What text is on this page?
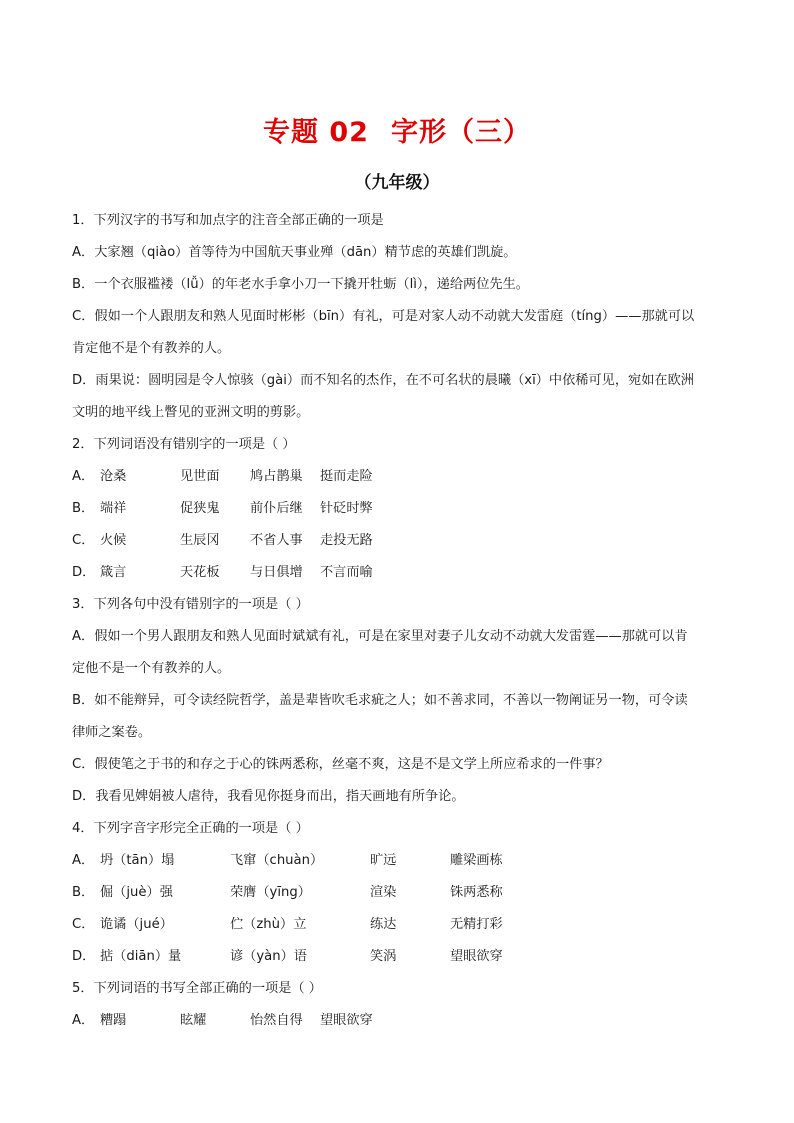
专题 02 字形（三）
（九年级）
1．下列汉字的书写和加点字的注音全部正确的一项是
A．大家翘（qiào）首等待为中国航天事业殚（dān）精节虑的英雄们凯旋。
B．一个衣服褴褛（lǚ）的年老水手拿小刀一下撬开牡蛎（lì），递给两位先生。
C．假如一个人跟朋友和熟人见面时彬彬（bīn）有礼，可是对家人动不动就大发雷庭（tíng）——那就可以
肯定他不是个有教养的人。
D．雨果说：圆明园是令人惊骇（gài）而不知名的杰作，在不可名状的晨曦（xī）中依稀可见，宛如在欧洲
文明的地平线上瞥见的亚洲文明的剪影。
2．下列词语没有错别字的一项是（ ）
A． 沧桑	见世面 鸠占鹊巢 挺而走险
B． 端祥	促狭鬼 前仆后继 针砭时弊
C． 火候	生辰冈 不省人事 走投无路
D． 箴言	天花板 与日俱增 不言而喻
3．下列各句中没有错别字的一项是（ ）
A．假如一个男人跟朋友和熟人见面时斌斌有礼，可是在家里对妻子儿女动不动就大发雷霆——那就可以肯
定他不是一个有教养的人。
B．如不能辩异，可令读经院哲学，盖是辈皆吹毛求疵之人；如不善求同，不善以一物阐证另一物，可令读
律师之案卷。
C．假使笔之于书的和存之于心的铢两悉称，丝毫不爽，这是不是文学上所应希求的一件事？
D．我看见婢娟被人虐待，我看见你挺身而出，指天画地有所争论。
4．下列字音字形完全正确的一项是（ ）
A． 坍（tān）塌	飞窜（chuàn）	旷远	雕梁画栋
B． 倔（juè）强	荣膺（yīng）	渲染	铢两悉称
C． 诡谲（jué）	伫（zhù）立	练达	无精打彩
D． 掂（diān）量	谚（yàn）语	笑涡	望眼欲穿
5．下列词语的书写全部正确的一项是（ ）
A． 糟蹋	眩耀	怡然自得 望眼欲穿
